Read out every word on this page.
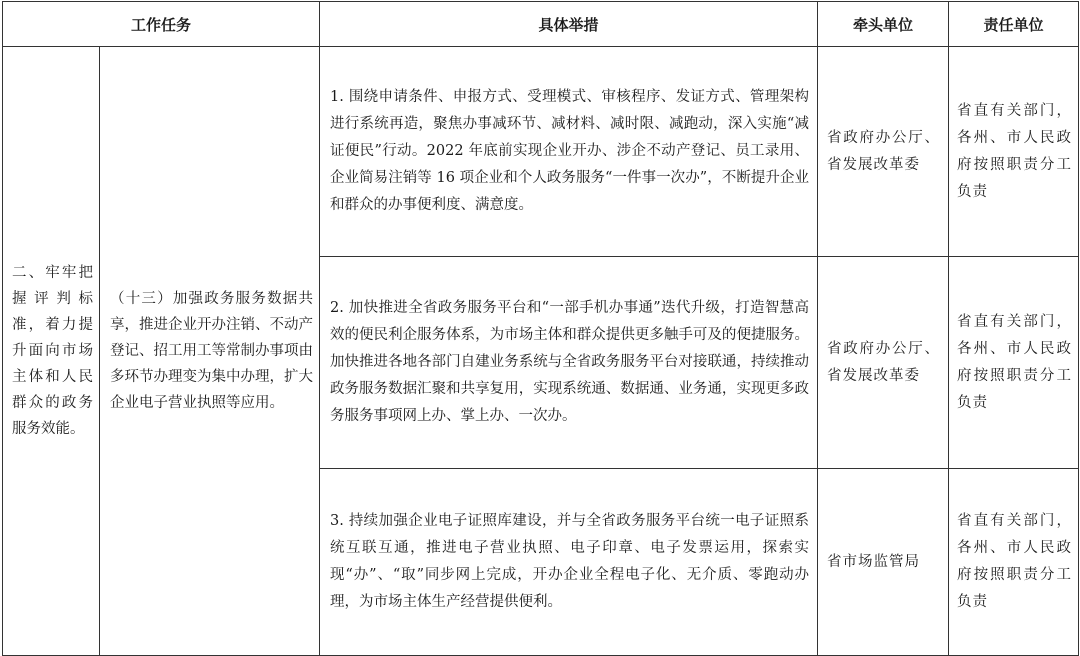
工作任务		具体举措	牵头单位	责任单位
二、牢牢把握评判标准，着力提升面向市场主体和人民群众的政务服务效能。	（十三）加强政务服务数据共享，推进企业开办注销、不动产登记、招工用工等常制办事项由多环节办理变为集中办理，扩大企业电子营业执照等应用。	1. 围绕申请条件、申报方式、受理模式、审核程序、发证方式、管理架构进行系统再造，聚焦办事减环节、减材料、减时限、减跑动，深入实施“减证便民”行动。2022 年底前实现企业开办、涉企不动产登记、员工录用、企业简易注销等 16 项企业和个人政务服务“一件事一次办”，不断提升企业和群众的办事便利度、满意度。	省政府办公厅、省发展改革委	省直有关部门，各州、市人民政府按照职责分工负责
		2. 加快推进全省政务服务平台和“一部手机办事通”迭代升级，打造智慧高效的便民利企服务体系，为市场主体和群众提供更多触手可及的便捷服务。加快推进各地各部门自建业务系统与全省政务服务平台对接联通，持续推动政务服务数据汇聚和共享复用，实现系统通、数据通、业务通，实现更多政务服务事项网上办、掌上办、一次办。	省政府办公厅、省发展改革委	省直有关部门，各州、市人民政府按照职责分工负责
		3. 持续加强企业电子证照库建设，并与全省政务服务平台统一电子证照系统互联互通，推进电子营业执照、电子印章、电子发票运用，探索实现“办”、“取”同步网上完成，开办企业全程电子化、无介质、零跑动办理，为市场主体生产经营提供便利。	省市场监管局	省直有关部门，各州、市人民政府按照职责分工负责
